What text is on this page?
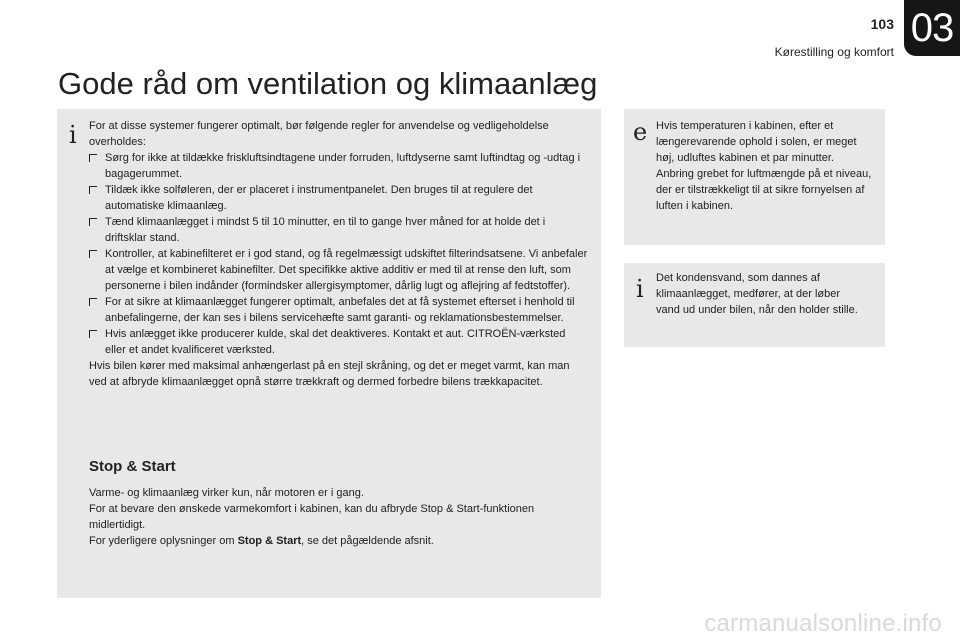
03
103
Kørestilling og komfort
Gode råd om ventilation og klimaanlæg
i	For at disse systemer fungerer optimalt, bør følgende regler for anvendelse og vedligeholdelse overholdes:
Sørg for ikke at tildække friskluftsindtagene under forruden, luftdyserne samt luftindtag og -udtag i bagagerummet.
Tildæk ikke solføleren, der er placeret i instrumentpanelet. Den bruges til at regulere det automatiske klimaanlæg.
Tænd klimaanlægget i mindst 5 til 10 minutter, en til to gange hver måned for at holde det i driftsklar stand.
Kontroller, at kabinefilteret er i god stand, og få regelmæssigt udskiftet filterindsatsene. Vi anbefaler at vælge et kombineret kabinefilter. Det specifikke aktive additiv er med til at rense den luft, som personerne i bilen indånder (formindsker allergisymptomer, dårlig lugt og aflejring af fedtstoffer).
For at sikre at klimaanlægget fungerer optimalt, anbefales det at få systemet efterset i henhold til anbefalingerne, der kan ses i bilens servicehæfte samt garanti- og reklamationsbestemmelser.
Hvis anlægget ikke producerer kulde, skal det deaktiveres. Kontakt et aut. CITROËN-værksted eller et andet kvalificeret værksted.
Hvis bilen kører med maksimal anhængerlast på en stejl skråning, og det er meget varmt, kan man ved at afbryde klimaanlægget opnå større trækkraft og dermed forbedre bilens trækkapacitet.
Stop & Start
Varme- og klimaanlæg virker kun, når motoren er i gang.
For at bevare den ønskede varmekomfort i kabinen, kan du afbryde Stop & Start-funktionen midlertidigt.
For yderligere oplysninger om Stop & Start, se det pågældende afsnit.
e Hvis temperaturen i kabinen, efter et længerevarende ophold i solen, er meget høj, udluftes kabinen et par minutter.
Anbring grebet for luftmængde på et niveau, der er tilstrækkeligt til at sikre fornyelsen af luften i kabinen.
i	Det kondensvand, som dannes af klimaanlægget, medfører, at der løber vand ud under bilen, når den holder stille.
carmanualsonline.info
